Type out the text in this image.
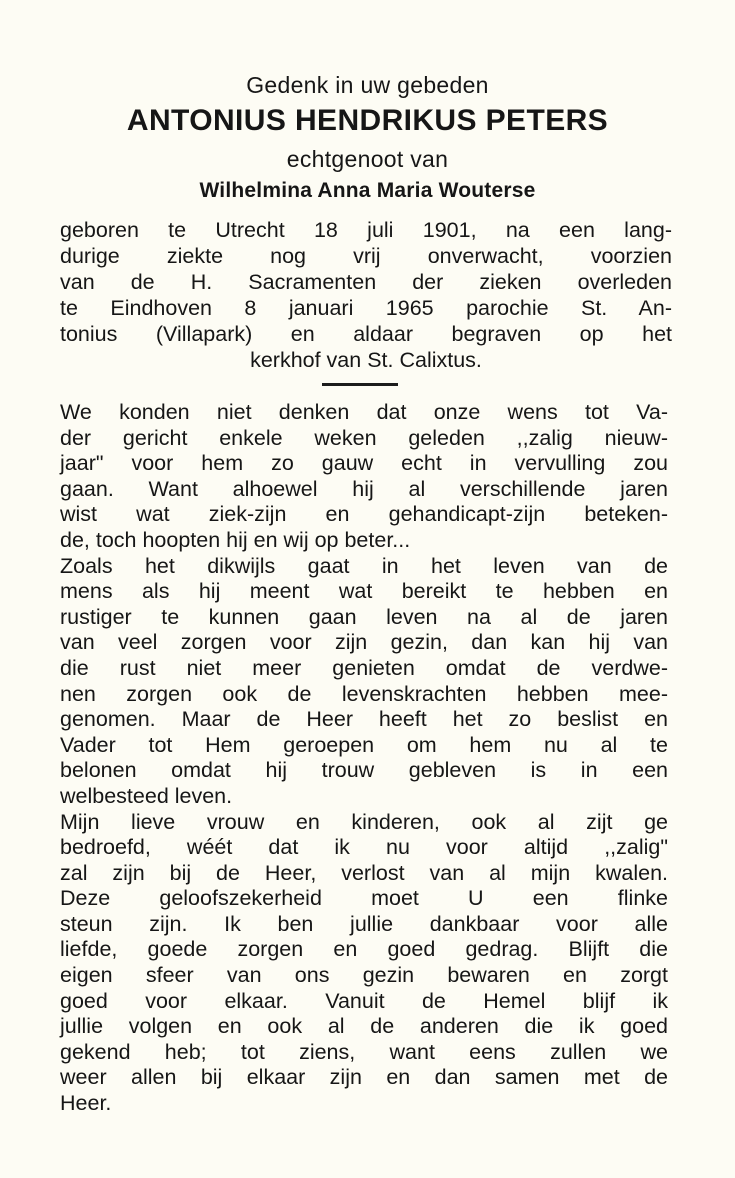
Gedenk in uw gebeden
ANTONIUS HENDRIKUS PETERS
echtgenoot van
Wilhelmina Anna Maria Wouterse
geboren te Utrecht 18 juli 1901, na een lang-
durige ziekte nog vrij onverwacht, voorzien
van de H. Sacramenten der zieken overleden
te Eindhoven 8 januari 1965 parochie St. An-
tonius (Villapark) en aldaar begraven op het
kerkhof van St. Calixtus.
We konden niet denken dat onze wens tot Va-
der gericht enkele weken geleden ,,zalig nieuw-
jaar" voor hem zo gauw echt in vervulling zou
gaan. Want alhoewel hij al verschillende jaren
wist wat ziek-zijn en gehandicapt-zijn beteken-
de, toch hoopten hij en wij op beter...
Zoals het dikwijls gaat in het leven van de
mens als hij meent wat bereikt te hebben en
rustiger te kunnen gaan leven na al de jaren
van veel zorgen voor zijn gezin, dan kan hij van
die rust niet meer genieten omdat de verdwe-
nen zorgen ook de levenskrachten hebben mee-
genomen. Maar de Heer heeft het zo beslist en
Vader tot Hem geroepen om hem nu al te
belonen omdat hij trouw gebleven is in een
welbesteed leven.
Mijn lieve vrouw en kinderen, ook al zijt ge
bedroefd, wéét dat ik nu voor altijd ,,zalig"
zal zijn bij de Heer, verlost van al mijn kwalen.
Deze geloofszekerheid moet U een flinke
steun zijn. Ik ben jullie dankbaar voor alle
liefde, goede zorgen en goed gedrag. Blijft die
eigen sfeer van ons gezin bewaren en zorgt
goed voor elkaar. Vanuit de Hemel blijf ik
jullie volgen en ook al de anderen die ik goed
gekend heb; tot ziens, want eens zullen we
weer allen bij elkaar zijn en dan samen met de
Heer.
